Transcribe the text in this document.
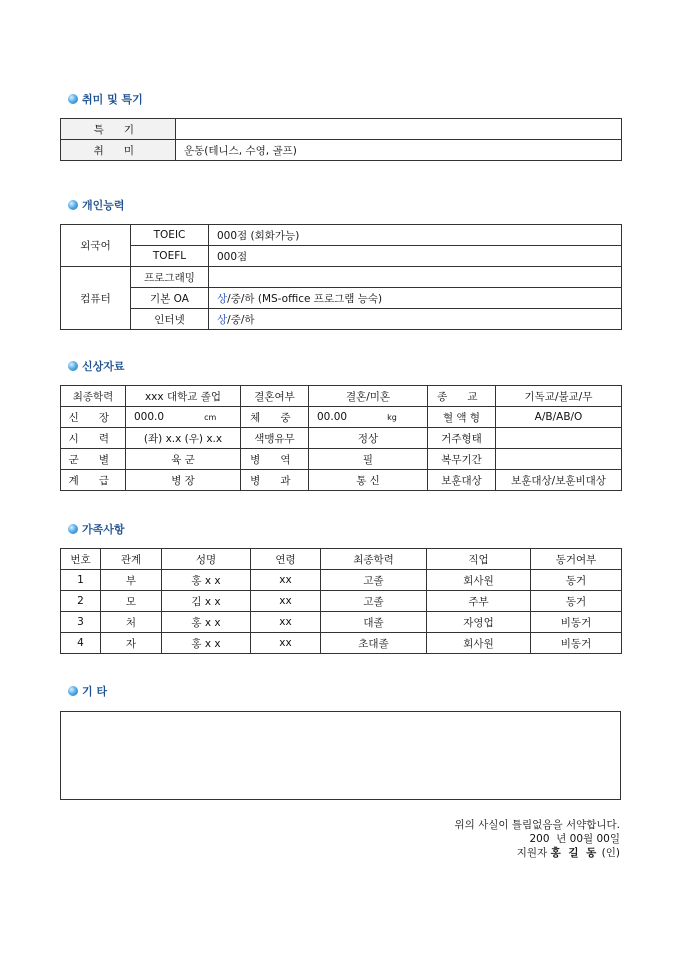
취미 및 특기
특 기	
취 미	운동(테니스, 수영, 골프)
개인능력
외국어	TOEIC	000점 (회화가능)
	TOEFL	000점
컴퓨터	프로그래밍	
	기본 OA	상/중/하 (MS-office 프로그램 능숙)
	인터넷	상/중/하
신상자료
최종학력	xxx 대학교 졸업	결혼여부	결혼/미혼	종 교	기독교/불교/무
신 장	000.0 cm	체 중	00.00 kg	혈 액 형	A/B/AB/O
시 력	(좌) x.x (우) x.x	색맹유무	정상	거주형태	
군 별	육 군	병 역	필	복무기간	
계 급	병 장	병 과	통 신	보훈대상	보훈대상/보훈비대상
가족사항
번호	관계	성명	연령	최종학력	직업	동거여부
1	부	홍 x x	xx	고졸	회사원	동거
2	모	김 x x	xx	고졸	주부	동거
3	처	홍 x x	xx	대졸	자영업	비동거
4	자	홍 x x	xx	초대졸	회사원	비동거
기 타
위의 사실이 틀림없음을 서약합니다.
200  년 00월 00일
지원자 홍 길 동 (인)
